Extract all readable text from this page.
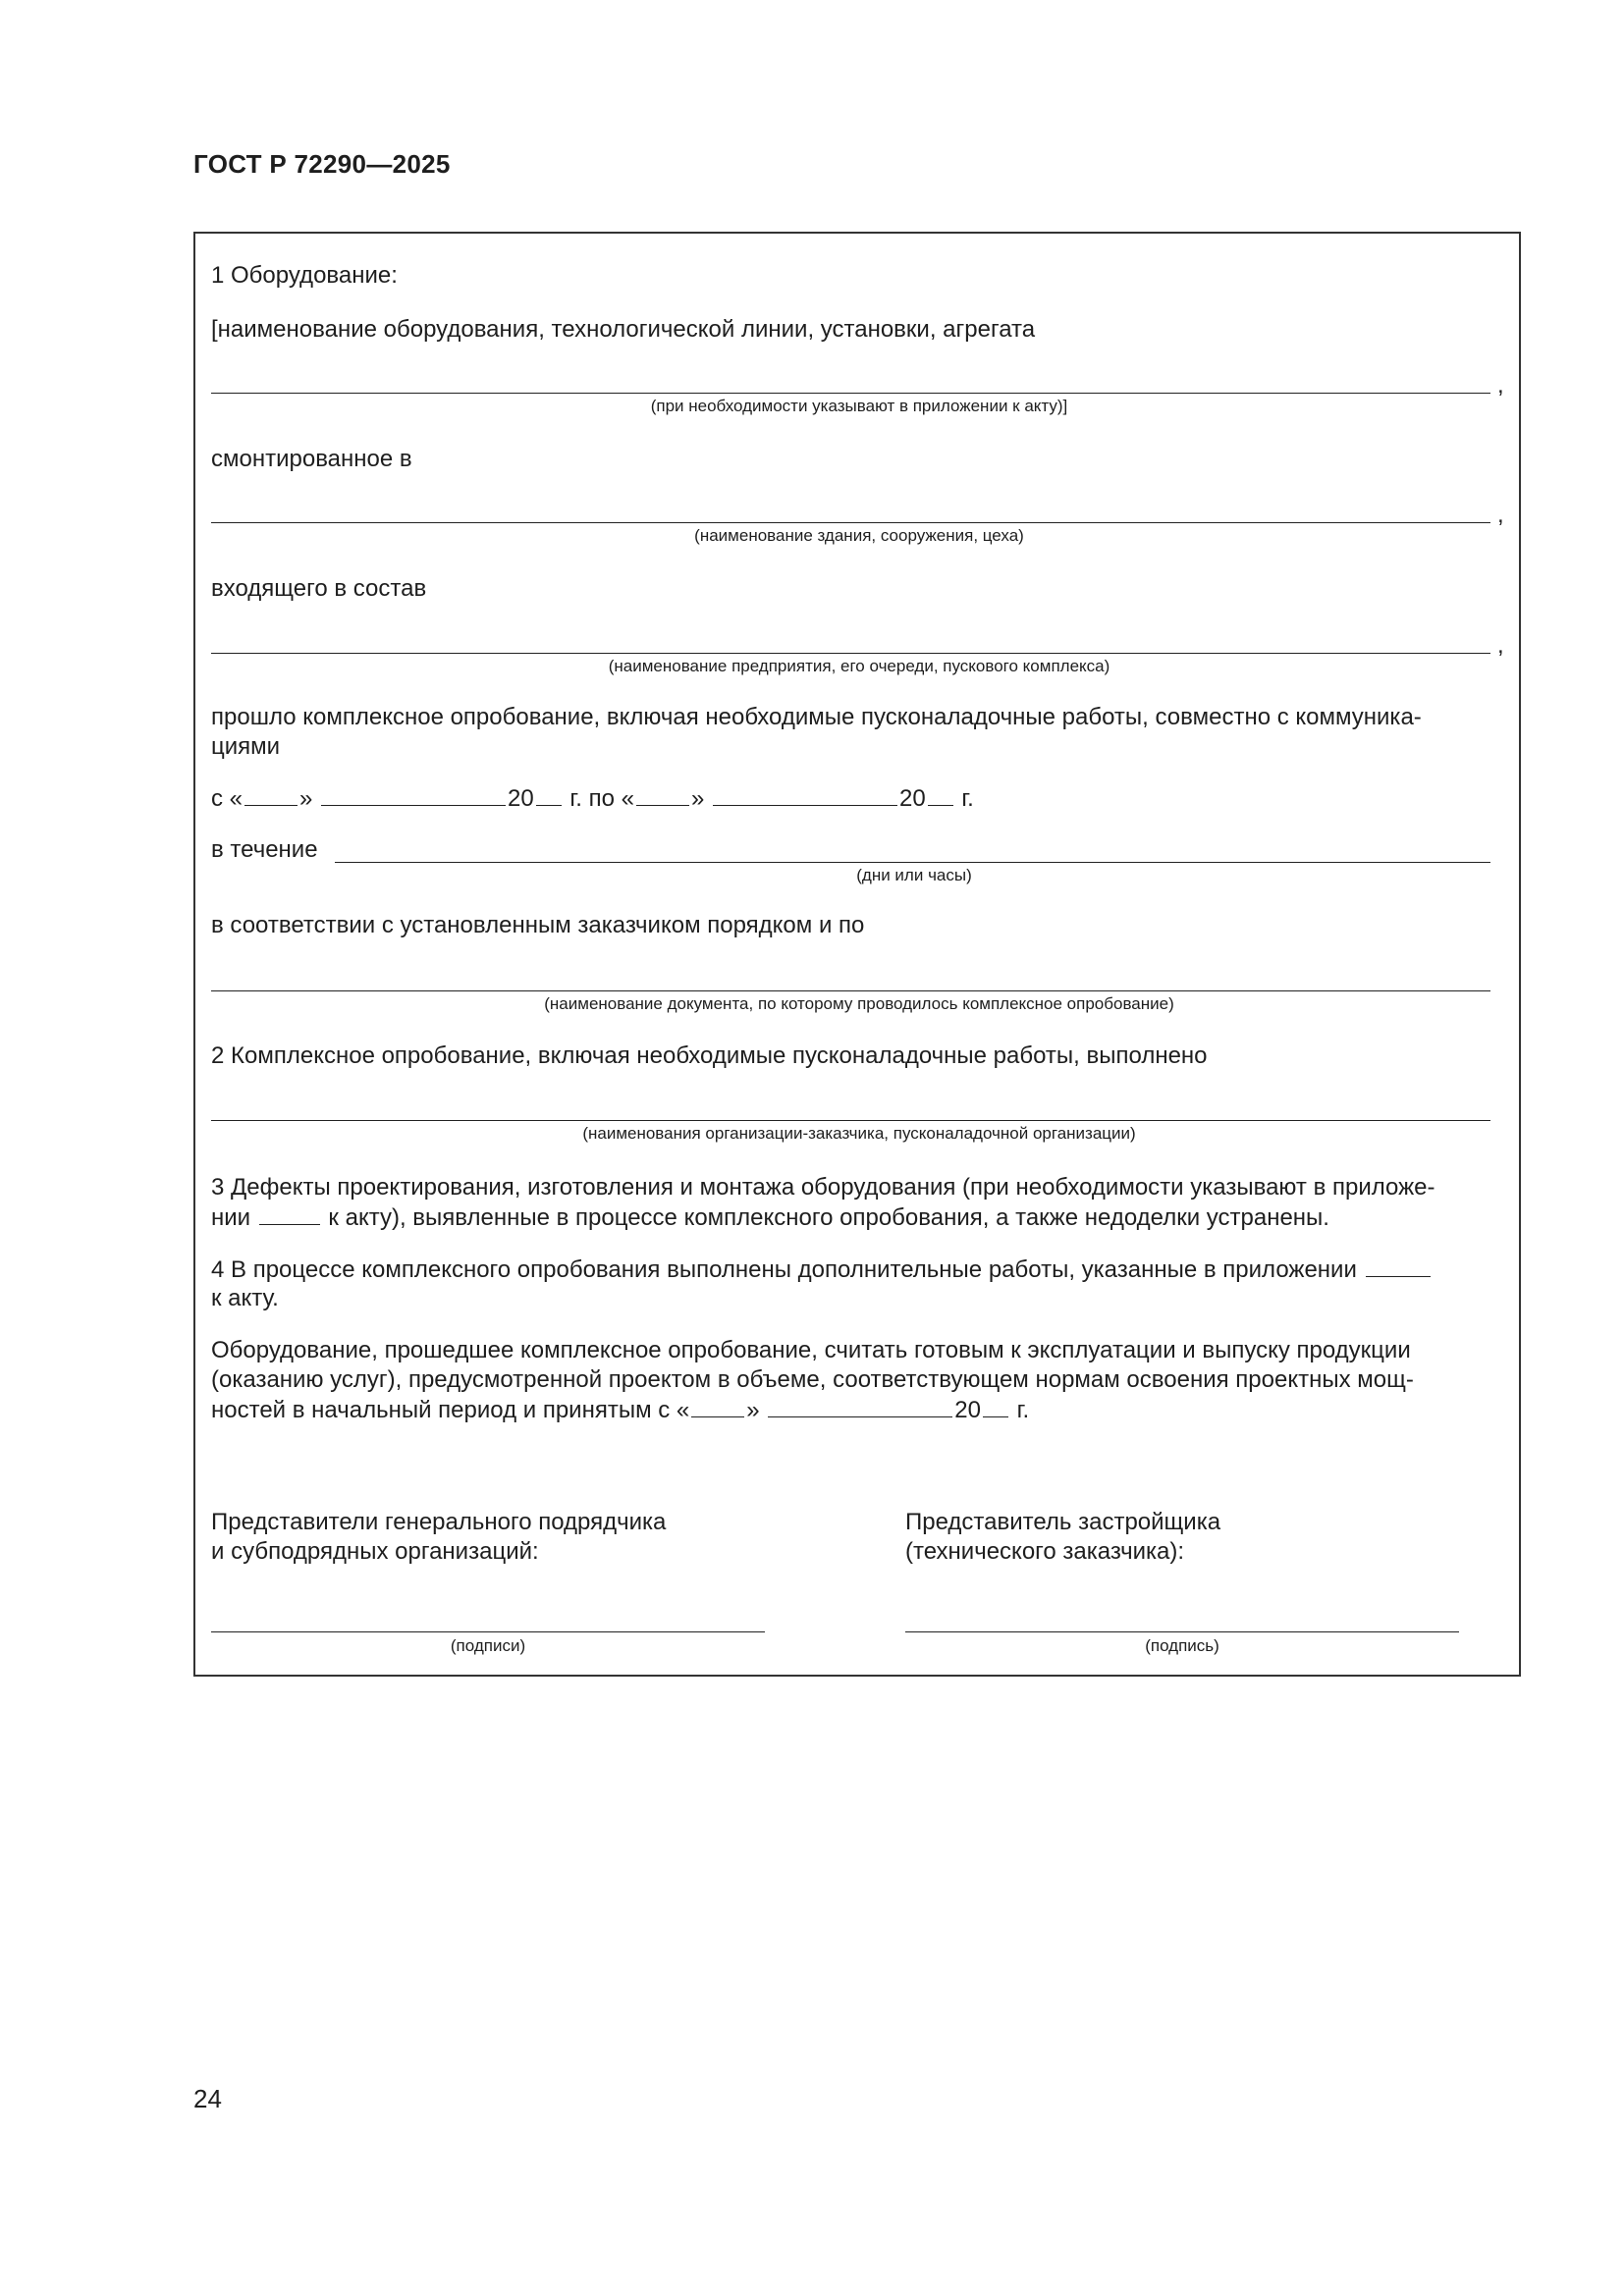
ГОСТ Р 72290—2025
1 Оборудование:
[наименование оборудования, технологической линии, установки, агрегата
,
(при необходимости указывают в приложении к акту)]
смонтированное в
,
(наименование здания, сооружения, цеха)
входящего в состав
,
(наименование предприятия, его очереди, пускового комплекса)
прошло комплексное опробование, включая необходимые пусконаладочные работы, совместно с коммуника-
циями
с « »	20 г. по « »	20 г.
в течение
(дни или часы)
в соответствии с установленным заказчиком порядком и по
(наименование документа, по которому проводилось комплексное опробование)
2 Комплексное опробование, включая необходимые пусконаладочные работы, выполнено
(наименования организации-заказчика, пусконаладочной организации)
3 Дефекты проектирования, изготовления и монтажа оборудования (при необходимости указывают в приложе-
нии	к акту), выявленные в процессе комплексного опробования, а также недоделки устранены.
4 В процессе комплексного опробования выполнены дополнительные работы, указанные в приложении
к акту.
Оборудование, прошедшее комплексное опробование, считать готовым к эксплуатации и выпуску продукции
(оказанию услуг), предусмотренной проектом в объеме, соответствующем нормам освоения проектных мощ-
ностей в начальный период и принятым с « »	20 г.
Представители генерального подрядчика
и субподрядных организаций:
(подписи)
Представитель застройщика
(технического заказчика):
(подпись)
24
